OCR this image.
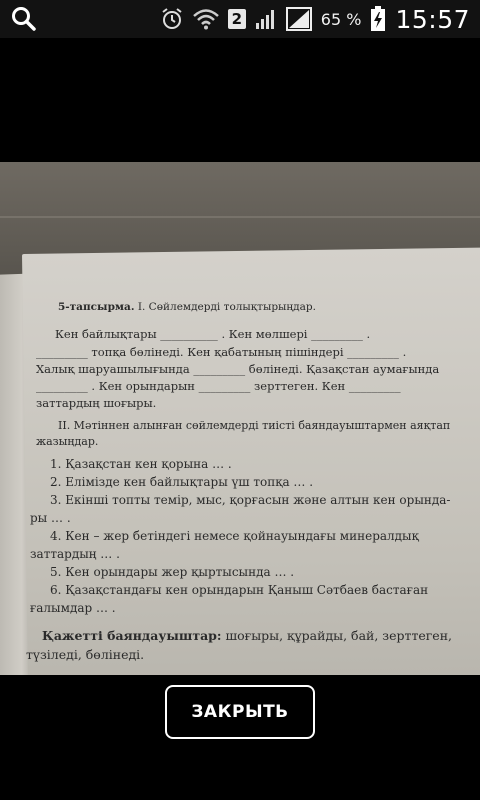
2	65 % 15:57
5-тапсырма. I. Сөйлемдерді толықтырыңдар.
Кен байлықтары __________ . Кен мөлшері _________ .
_________ топқа бөлінеді. Кен қабатының пішіндері _________ .
Халық шаруашылығында _________ бөлінеді. Қазақстан аумағында
_________ . Кен орындарын _________ зерттеген. Кен _________
заттардың шоғыры.
II. Мәтіннен алынған сөйлемдерді тиісті баяндауыштармен аяқтап
жазыңдар.
1. Қазақстан кен қорына … .
2. Елімізде кен байлықтары үш топқа … .
3. Екінші топты темір, мыс, қорғасын және алтын кен орында-
ры … .
4. Кен – жер бетіндегі немесе қойнауындағы минералдық
заттардың … .
5. Кен орындары жер қыртысында … .
6. Қазақстандағы кен орындарын Қаныш Сәтбаев бастаған
ғалымдар … .
Қажетті баяндауыштар: шоғыры, құрайды, бай, зерттеген,
түзіледі, бөлінеді.
ЗАКРЫТЬ
